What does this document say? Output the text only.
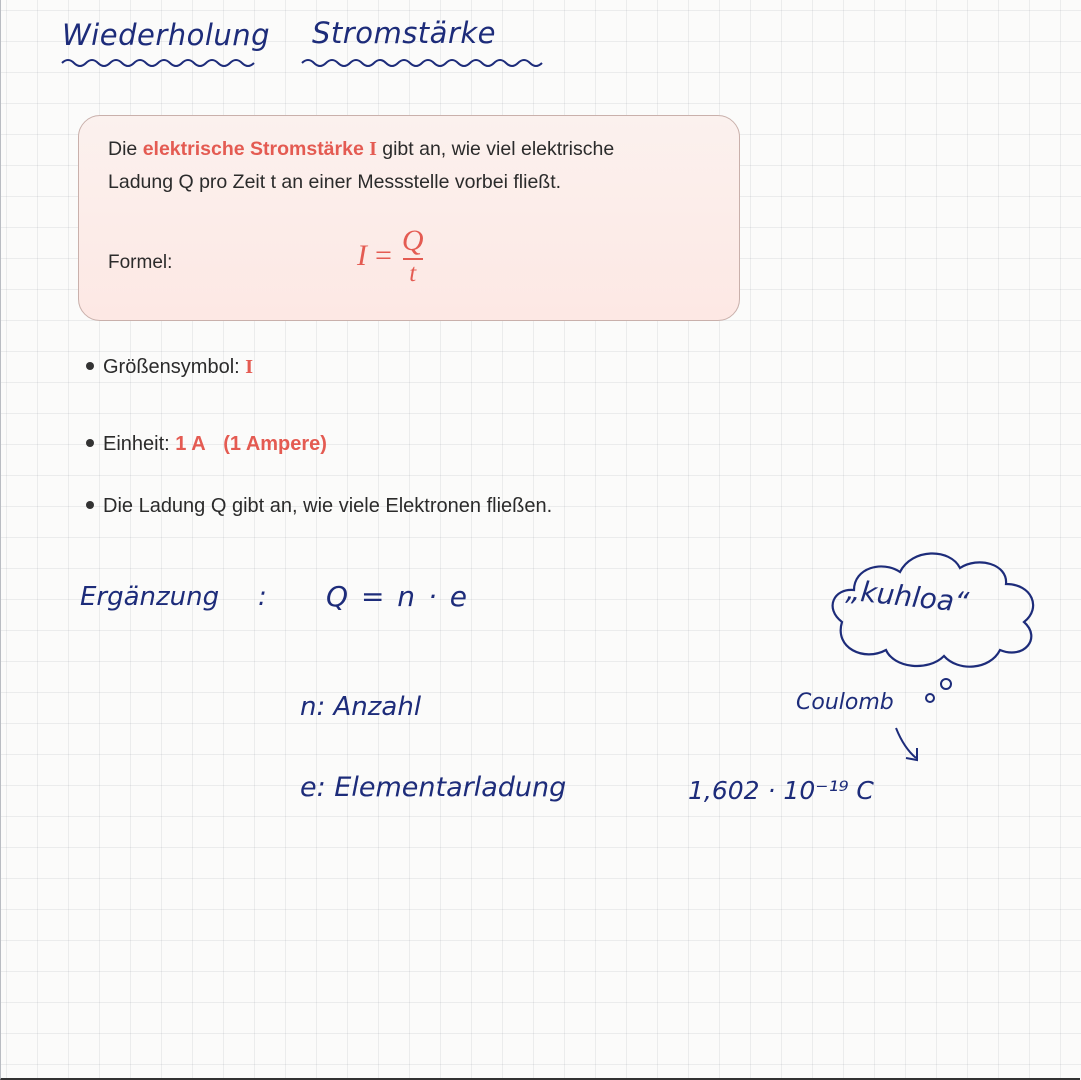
Wiederholung Stromstärke
Die elektrische Stromstärke I gibt an, wie viel elektrische
Ladung Q pro Zeit t an einer Messstelle vorbei fließt.
Formel:	$I = \frac{Q}{t}$
Größensymbol: I
Einheit: 1 A (1 Ampere)
Die Ladung Q gibt an, wie viele Elektronen fließen.
Ergänzung : Q = n · e
n: Anzahl
e: Elementarladung	1,602 · 10⁻¹⁹ C
Coulomb
„kuhloa“
